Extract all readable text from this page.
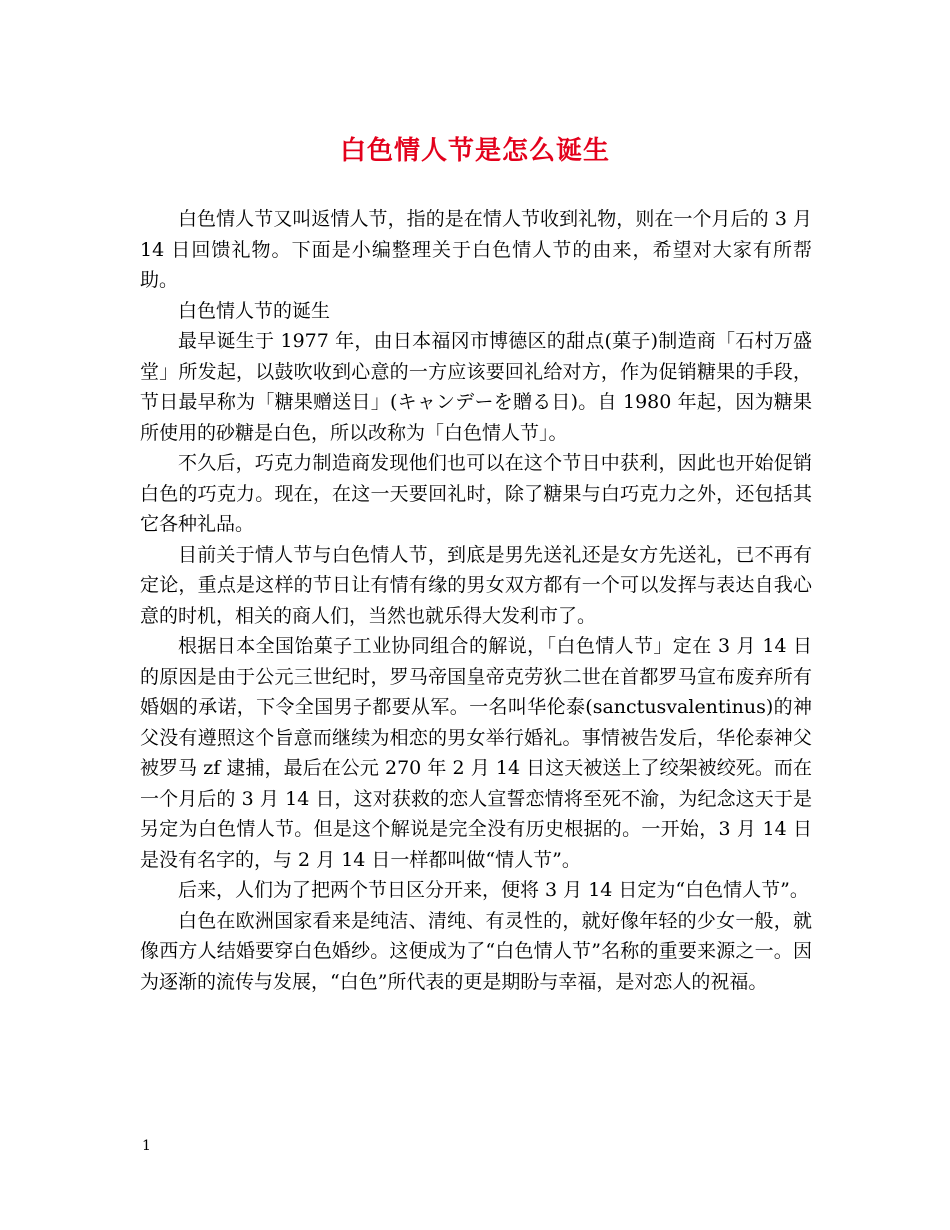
白色情人节是怎么诞生

白色情人节又叫返情人节，指的是在情人节收到礼物，则在一个月后的 3 月 14 日回馈礼物。下面是小编整理关于白色情人节的由来，希望对大家有所帮助。

白色情人节的诞生

最早诞生于 1977 年，由日本福冈市博德区的甜点(菓子)制造商「石村万盛堂」所发起，以鼓吹收到心意的一方应该要回礼给对方，作为促销糖果的手段，节日最早称为「糖果赠送日」(キャンデーを贈る日)。自 1980 年起，因为糖果所使用的砂糖是白色，所以改称为「白色情人节」。

不久后，巧克力制造商发现他们也可以在这个节日中获利，因此也开始促销白色的巧克力。现在，在这一天要回礼时，除了糖果与白巧克力之外，还包括其它各种礼品。

目前关于情人节与白色情人节，到底是男先送礼还是女方先送礼，已不再有定论，重点是这样的节日让有情有缘的男女双方都有一个可以发挥与表达自我心意的时机，相关的商人们，当然也就乐得大发利市了。

根据日本全国饴菓子工业协同组合的解说，「白色情人节」定在 3 月 14 日的原因是由于公元三世纪时，罗马帝国皇帝克劳狄二世在首都罗马宣布废弃所有婚姻的承诺，下令全国男子都要从军。一名叫华伦泰(sanctusvalentinus)的神父没有遵照这个旨意而继续为相恋的男女举行婚礼。事情被告发后，华伦泰神父被罗马 zf 逮捕，最后在公元 270 年 2 月 14 日这天被送上了绞架被绞死。而在一个月后的 3 月 14 日，这对获救的恋人宣誓恋情将至死不渝，为纪念这天于是另定为白色情人节。但是这个解说是完全没有历史根据的。一开始，3 月 14 日是没有名字的，与 2 月 14 日一样都叫做“情人节”。

后来，人们为了把两个节日区分开来，便将 3 月 14 日定为“白色情人节”。

白色在欧洲国家看来是纯洁、清纯、有灵性的，就好像年轻的少女一般，就像西方人结婚要穿白色婚纱。这便成为了“白色情人节”名称的重要来源之一。因为逐渐的流传与发展，“白色”所代表的更是期盼与幸福，是对恋人的祝福。

1
